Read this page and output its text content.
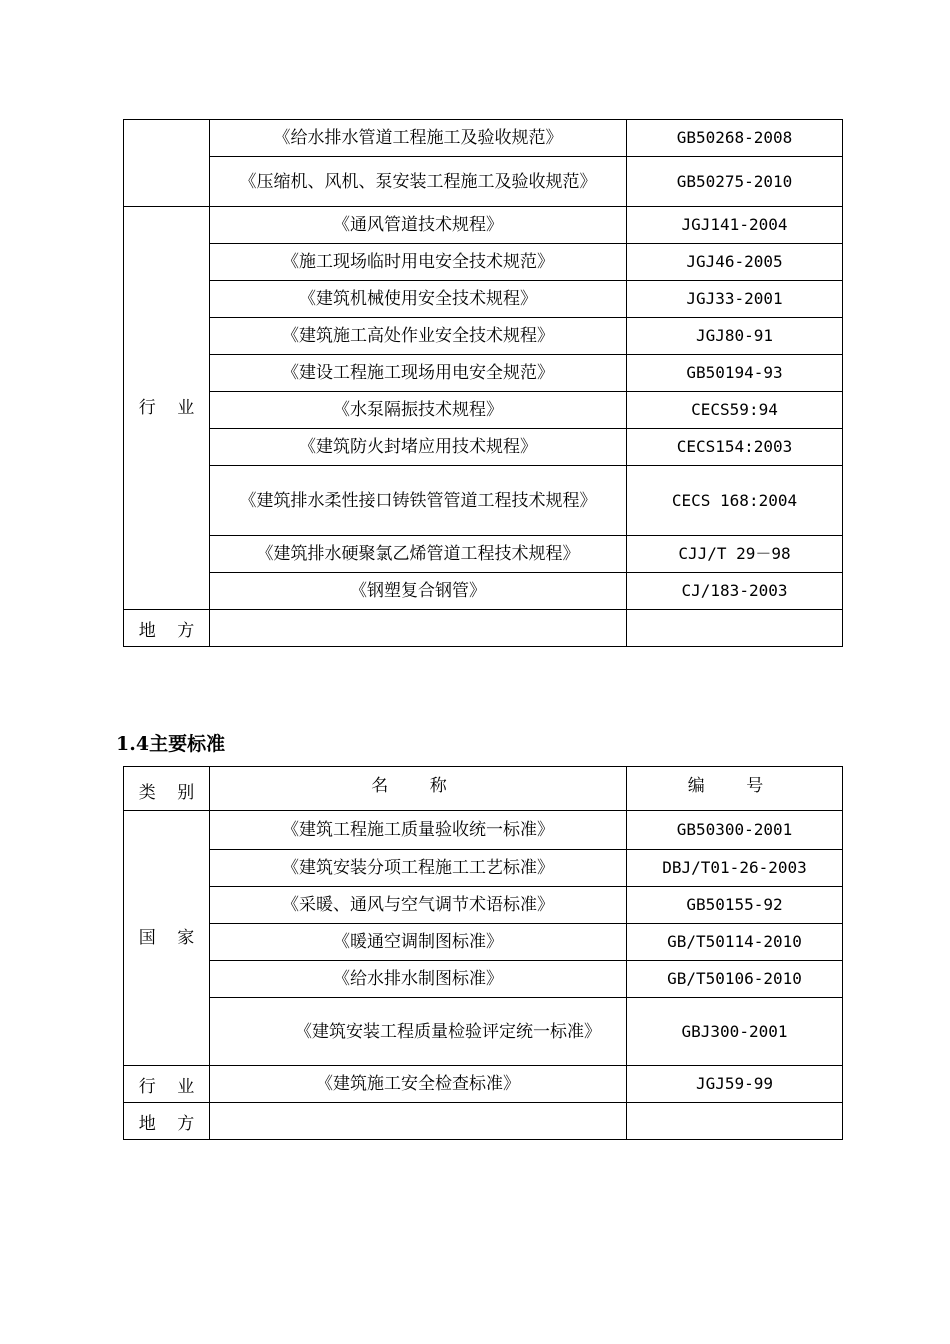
	《给水排水管道工程施工及验收规范》	GB50268-2008
	《压缩机、风机、泵安装工程施工及验收规范》	GB50275-2010
行 业	《通风管道技术规程》	JGJ141-2004
	《施工现场临时用电安全技术规范》	JGJ46-2005
	《建筑机械使用安全技术规程》	JGJ33-2001
	《建筑施工高处作业安全技术规程》	JGJ80-91
	《建设工程施工现场用电安全规范》	GB50194-93
	《水泵隔振技术规程》	CECS59:94
	《建筑防火封堵应用技术规程》	CECS154:2003
	《建筑排水柔性接口铸铁管管道工程技术规程》	CECS 168:2004
	《建筑排水硬聚氯乙烯管道工程技术规程》	CJJ/T 29－98
	《钢塑复合钢管》	CJ/183-2003
地 方		
1.4主要标准
类 别	名 称	编 号
国 家	《建筑工程施工质量验收统一标准》	GB50300-2001
	《建筑安装分项工程施工工艺标准》	DBJ/T01-26-2003
	《采暖、通风与空气调节术语标准》	GB50155-92
	《暖通空调制图标准》	GB/T50114-2010
	《给水排水制图标准》	GB/T50106-2010
	《建筑安装工程质量检验评定统一标准》	GBJ300-2001
行 业	《建筑施工安全检查标准》	JGJ59-99
地 方		
